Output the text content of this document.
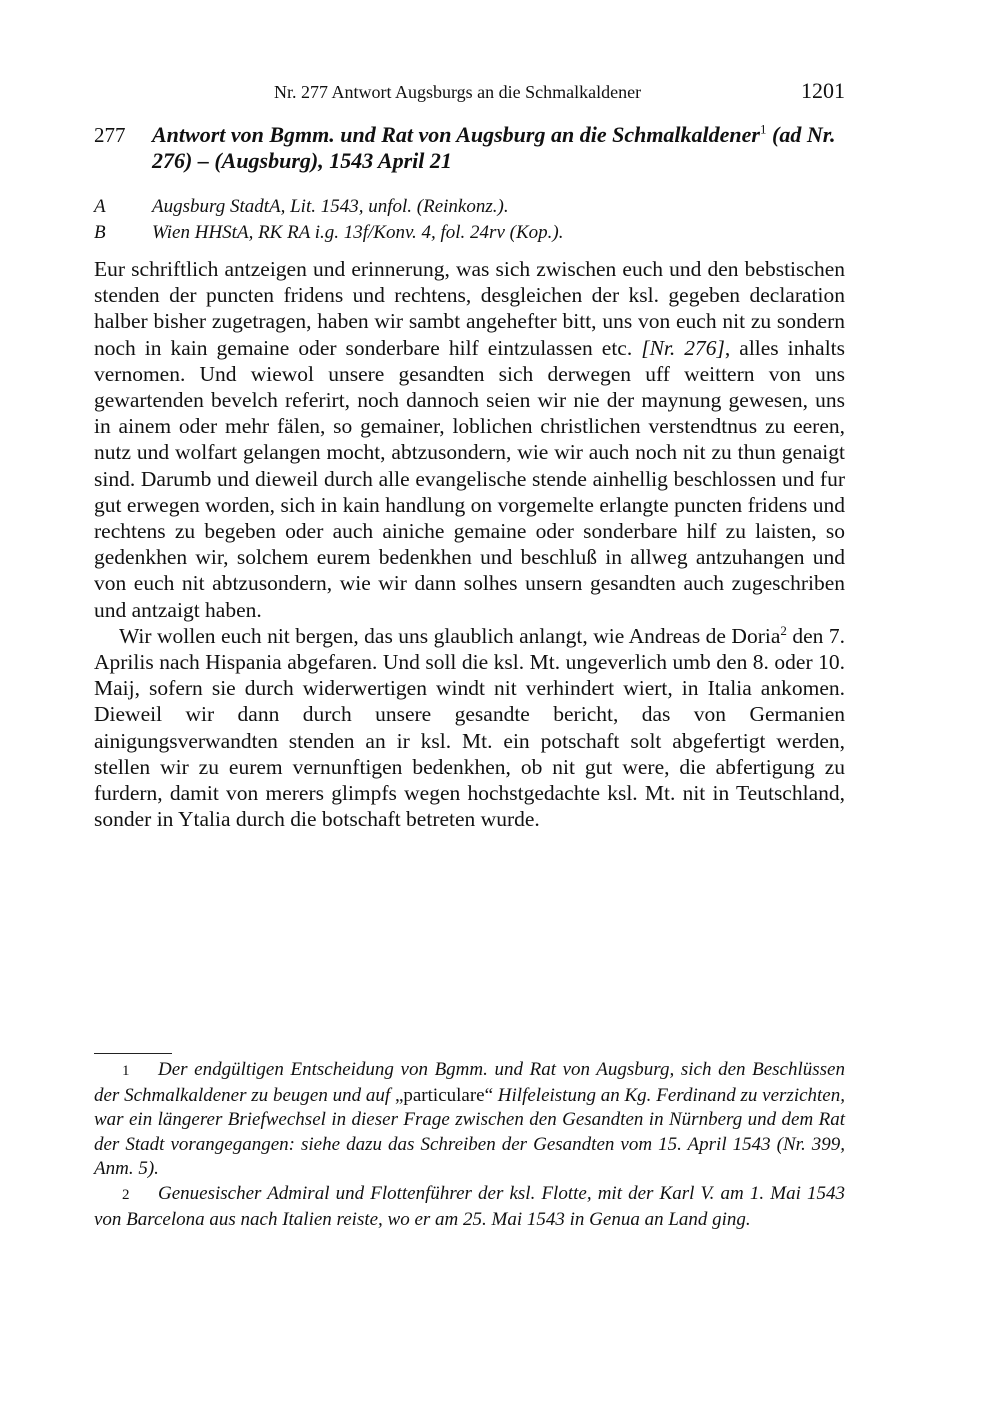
Nr. 277 Antwort Augsburgs an die Schmalkaldener	1201
277 Antwort von Bgmm. und Rat von Augsburg an die Schmalkaldener$^1$ (ad Nr. 276) – (Augsburg), 1543 April 21
A Augsburg StadtA, Lit. 1543, unfol. (Reinkonz.).
B Wien HHStA, RK RA i.g. 13f/Konv. 4, fol. 24rv (Kop.).

Eur schriftlich antzeigen und erinnerung, was sich zwischen euch und den bebstischen stenden der puncten fridens und rechtens, desgleichen der ksl. gegeben declaration halber bisher zugetragen, haben wir sambt angehefter bitt, uns von euch nit zu sondern noch in kain gemaine oder sonderbare hilf eintzulassen etc. [Nr. 276], alles inhalts vernomen. Und wiewol unsere gesandten sich derwegen uff weittern von uns gewartenden bevelch referirt, noch dannoch seien wir nie der maynung gewesen, uns in ainem oder mehr fälen, so gemainer, loblichen christlichen verstendtnus zu eeren, nutz und wolfart gelangen mocht, abtzusondern, wie wir auch noch nit zu thun genaigt sind. Darumb und dieweil durch alle evangelische stende ainhellig beschlossen und fur gut erwegen worden, sich in kain handlung on vorgemelte erlangte puncten fridens und rechtens zu begeben oder auch ainiche gemaine oder sonderbare hilf zu laisten, so gedenkhen wir, solchem eurem bedenkhen und beschluß in allweg antzuhangen und von euch nit abtzusondern, wie wir dann solhes unsern gesandten auch zugeschriben und antzaigt haben.

Wir wollen euch nit bergen, das uns glaublich anlangt, wie Andreas de Doria$^2$ den 7. Aprilis nach Hispania abgefaren. Und soll die ksl. Mt. ungeverlich umb den 8. oder 10. Maij, sofern sie durch widerwertigen windt nit verhindert wiert, in Italia ankomen. Dieweil wir dann durch unsere gesandte bericht, das von Germanien ainigungsverwandten stenden an ir ksl. Mt. ein potschaft solt abgefertigt werden, stellen wir zu eurem vernunftigen bedenkhen, ob nit gut were, die abfertigung zu furdern, damit von merers glimpfs wegen hochstgedachte ksl. Mt. nit in Teutschland, sonder in Ytalia durch die botschaft betreten wurde.

1 Der endgültigen Entscheidung von Bgmm. und Rat von Augsburg, sich den Beschlüssen der Schmalkaldener zu beugen und auf „particulare“ Hilfeleistung an Kg. Ferdinand zu verzichten, war ein längerer Briefwechsel in dieser Frage zwischen den Gesandten in Nürnberg und dem Rat der Stadt vorangegangen: siehe dazu das Schreiben der Gesandten vom 15. April 1543 (Nr. 399, Anm. 5).

2 Genuesischer Admiral und Flottenführer der ksl. Flotte, mit der Karl V. am 1. Mai 1543 von Barcelona aus nach Italien reiste, wo er am 25. Mai 1543 in Genua an Land ging.
